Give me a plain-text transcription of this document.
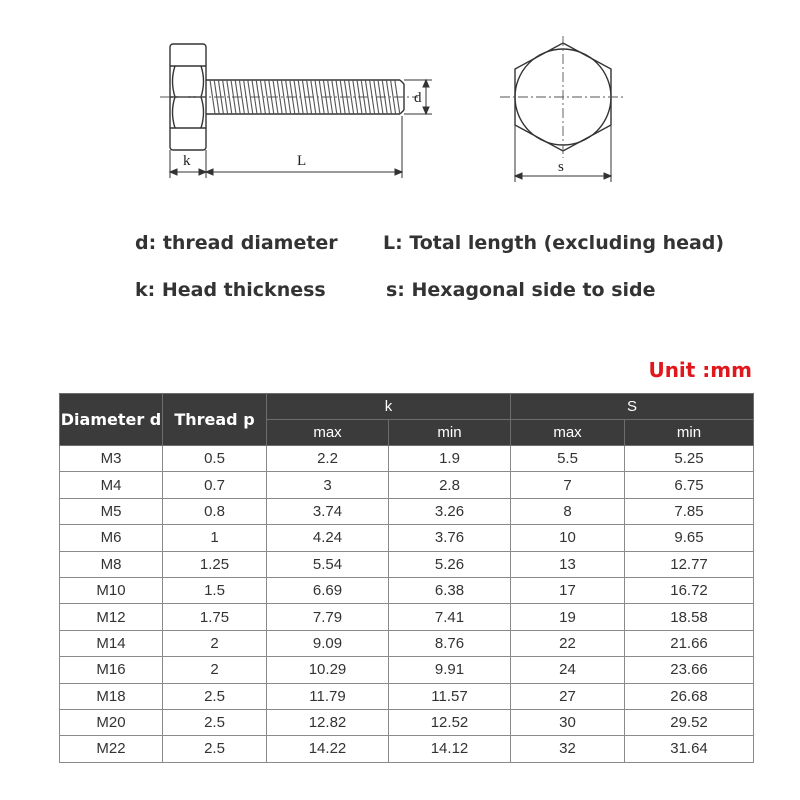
d
k	L	s
d: thread diameter L: Total length (excluding head)
k: Head thickness	s: Hexagonal side to side
Unit :mm
Diameter d	Thread p	k		S	
		max	min	max	min
M3	0.5	2.2	1.9	5.5	5.25
M4	0.7	3	2.8	7	6.75
M5	0.8	3.74	3.26	8	7.85
M6	1	4.24	3.76	10	9.65
M8	1.25	5.54	5.26	13	12.77
M10	1.5	6.69	6.38	17	16.72
M12	1.75	7.79	7.41	19	18.58
M14	2	9.09	8.76	22	21.66
M16	2	10.29	9.91	24	23.66
M18	2.5	11.79	11.57	27	26.68
M20	2.5	12.82	12.52	30	29.52
M22	2.5	14.22	14.12	32	31.64
